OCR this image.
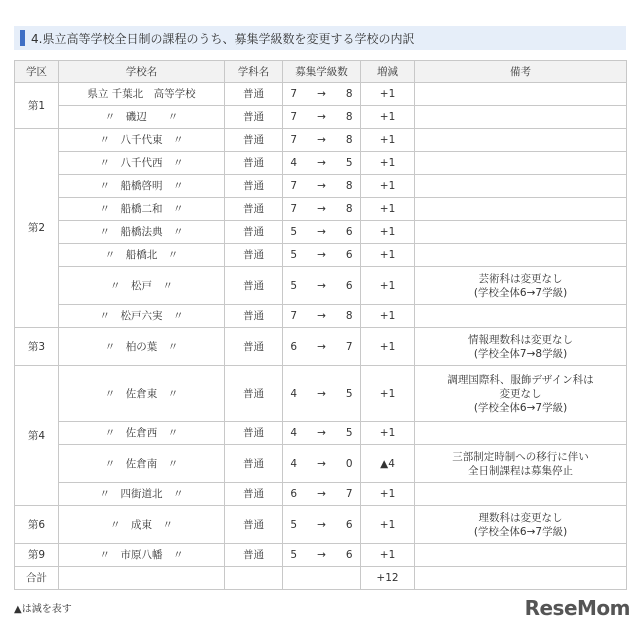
4.県立高等学校全日制の課程のうち、募集学級数を変更する学校の内訳
学区	学校名	学科名	募集学級数			増減	備考
第1	県立 千葉北　高等学校	普通	7	→	8	+1	
	〃　磯辺　　〃	普通	7	→	8	+1	
第2	〃　八千代東　〃	普通	7	→	8	+1	
	〃　八千代西　〃	普通	4	→	5	+1	
	〃　船橋啓明　〃	普通	7	→	8	+1	
	〃　船橋二和　〃	普通	7	→	8	+1	
	〃　船橋法典　〃	普通	5	→	6	+1	
	〃　船橋北　〃	普通	5	→	6	+1	
	〃　松戸　〃	普通	5	→	6	+1	芸術科は変更なし
(学校全体6→7学級)

	〃　松戸六実　〃	普通	7	→	8	+1	
第3	〃　柏の葉　〃	普通	6	→	7	+1	情報理数科は変更なし
(学校全体7→8学級)

第4	〃　佐倉東　〃	普通	4	→	5	+1	調理国際科、服飾デザイン科は
変更なし
(学校全体6→7学級)

	〃　佐倉西　〃	普通	4	→	5	+1	
	〃　佐倉南　〃	普通	4	→	0	▲4	三部制定時制への移行に伴い
全日制課程は募集停止

	〃　四街道北　〃	普通	6	→	7	+1	
第6	〃　成東　〃	普通	5	→	6	+1	理数科は変更なし
(学校全体6→7学級)

第9	〃　市原八幡　〃	普通	5	→	6	+1	
合計						+12	
▲は減を表す	ReseMom
